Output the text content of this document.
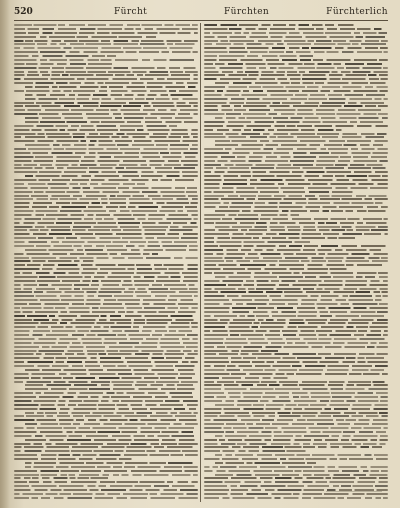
520	Fürcht	Fürchten	Fürchterlich
